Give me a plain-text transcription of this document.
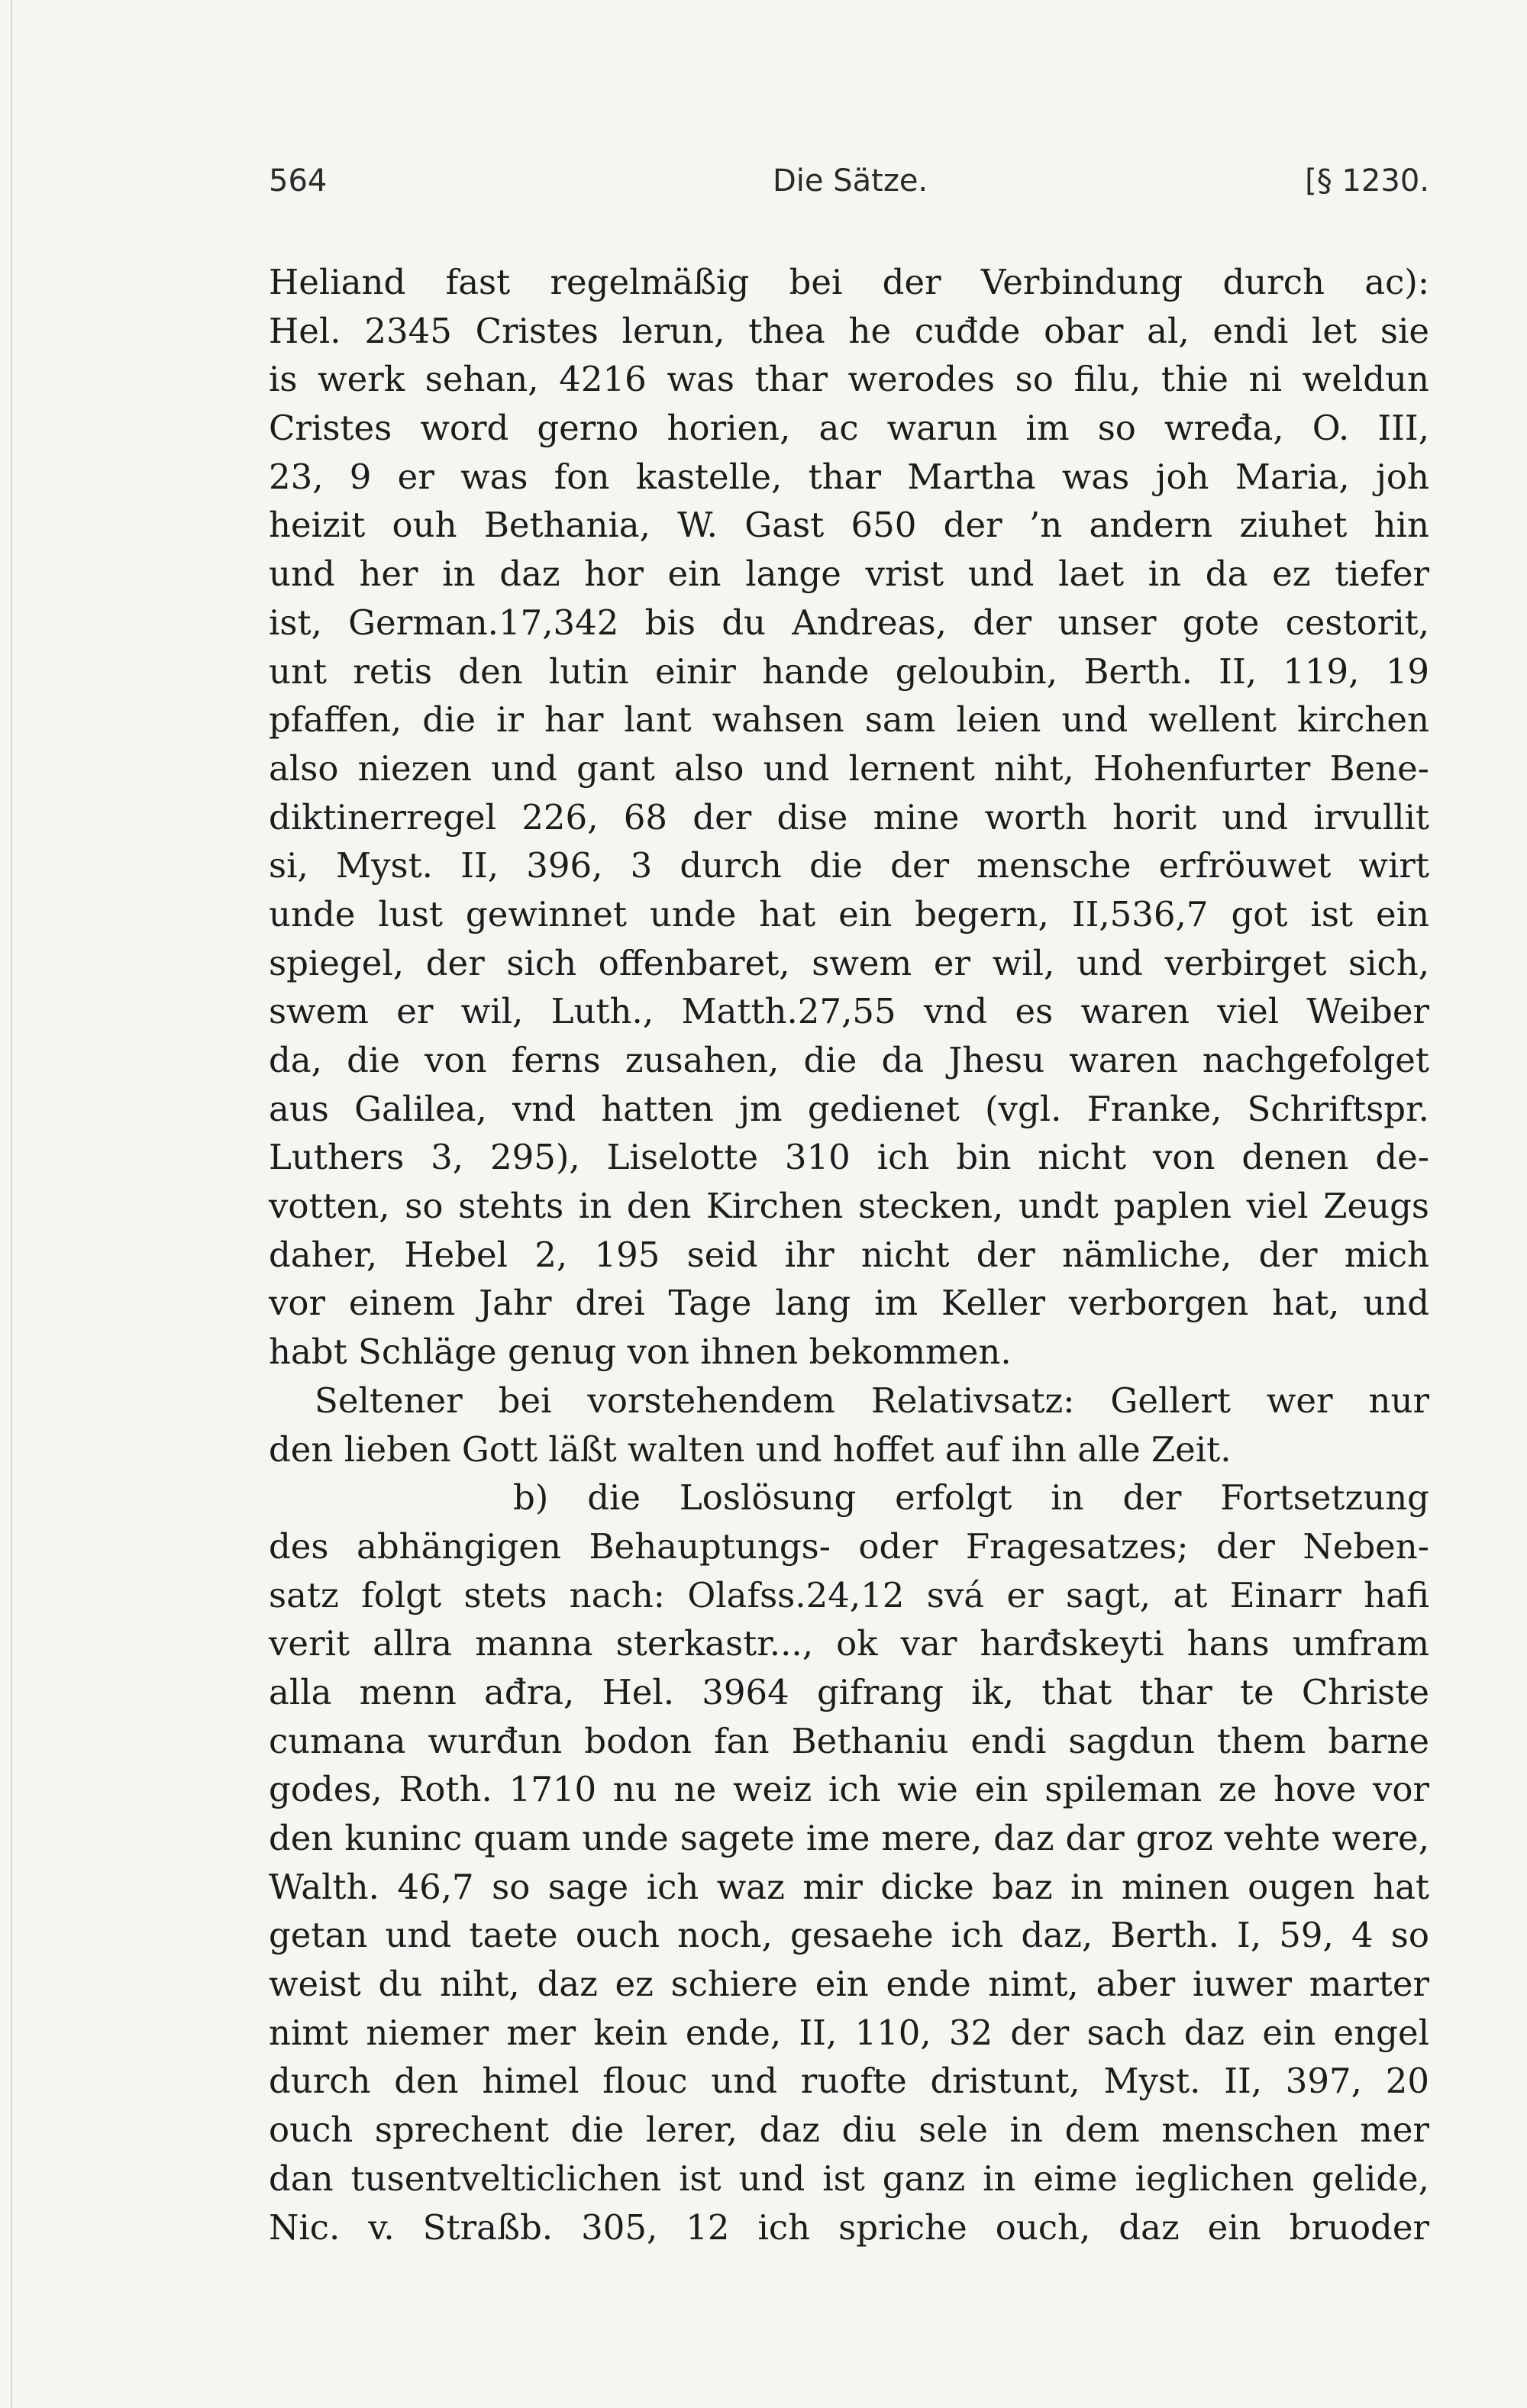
564	Die Sätze.	[§ 1230.
Heliand fast regelmäßig bei der Verbindung durch ac):
Hel. 2345 Cristes lerun, thea he cuđde obar al, endi let sie
is werk sehan, 4216 was thar werodes so filu, thie ni weldun
Cristes word gerno horien, ac warun im so wređa, O. III,
23, 9 er was fon kastelle, thar Martha was joh Maria, joh
heizit ouh Bethania, W. Gast 650 der ’n andern ziuhet hin
und her in daz hor ein lange vrist und laet in da ez tiefer
ist, German.17,342 bis du Andreas, der unser gote cestorit,
unt retis den lutin einir hande geloubin, Berth. II, 119, 19
pfaffen, die ir har lant wahsen sam leien und wellent kirchen
also niezen und gant also und lernent niht, Hohenfurter Bene-
diktinerregel 226, 68 der dise mine worth horit und irvullit
si, Myst. II, 396, 3 durch die der mensche erfröuwet wirt
unde lust gewinnet unde hat ein begern, II,536,7 got ist ein
spiegel, der sich offenbaret, swem er wil, und verbirget sich,
swem er wil, Luth., Matth.27,55 vnd es waren viel Weiber
da, die von ferns zusahen, die da Jhesu waren nachgefolget
aus Galilea, vnd hatten jm gedienet (vgl. Franke, Schriftspr.
Luthers 3, 295), Liselotte 310 ich bin nicht von denen de-
votten, so stehts in den Kirchen stecken, undt paplen viel Zeugs
daher, Hebel 2, 195 seid ihr nicht der nämliche, der mich
vor einem Jahr drei Tage lang im Keller verborgen hat, und
habt Schläge genug von ihnen bekommen.
Seltener bei vorstehendem Relativsatz: Gellert wer nur
den lieben Gott läßt walten und hoffet auf ihn alle Zeit.
b) die Loslösung erfolgt in der Fortsetzung
des abhängigen Behauptungs- oder Fragesatzes; der Neben-
satz folgt stets nach: Olafss.24,12 svá er sagt, at Einarr hafi
verit allra manna sterkastr..., ok var harđskeyti hans umfram
alla menn ađra, Hel. 3964 gifrang ik, that thar te Christe
cumana wurđun bodon fan Bethaniu endi sagdun them barne
godes, Roth. 1710 nu ne weiz ich wie ein spileman ze hove vor
den kuninc quam unde sagete ime mere, daz dar groz vehte were,
Walth. 46,7 so sage ich waz mir dicke baz in minen ougen hat
getan und taete ouch noch, gesaehe ich daz, Berth. I, 59, 4 so
weist du niht, daz ez schiere ein ende nimt, aber iuwer marter
nimt niemer mer kein ende, II, 110, 32 der sach daz ein engel
durch den himel flouc und ruofte dristunt, Myst. II, 397, 20
ouch sprechent die lerer, daz diu sele in dem menschen mer
dan tusentvelticlichen ist und ist ganz in eime ieglichen gelide,
Nic. v. Straßb. 305, 12 ich spriche ouch, daz ein bruoder
